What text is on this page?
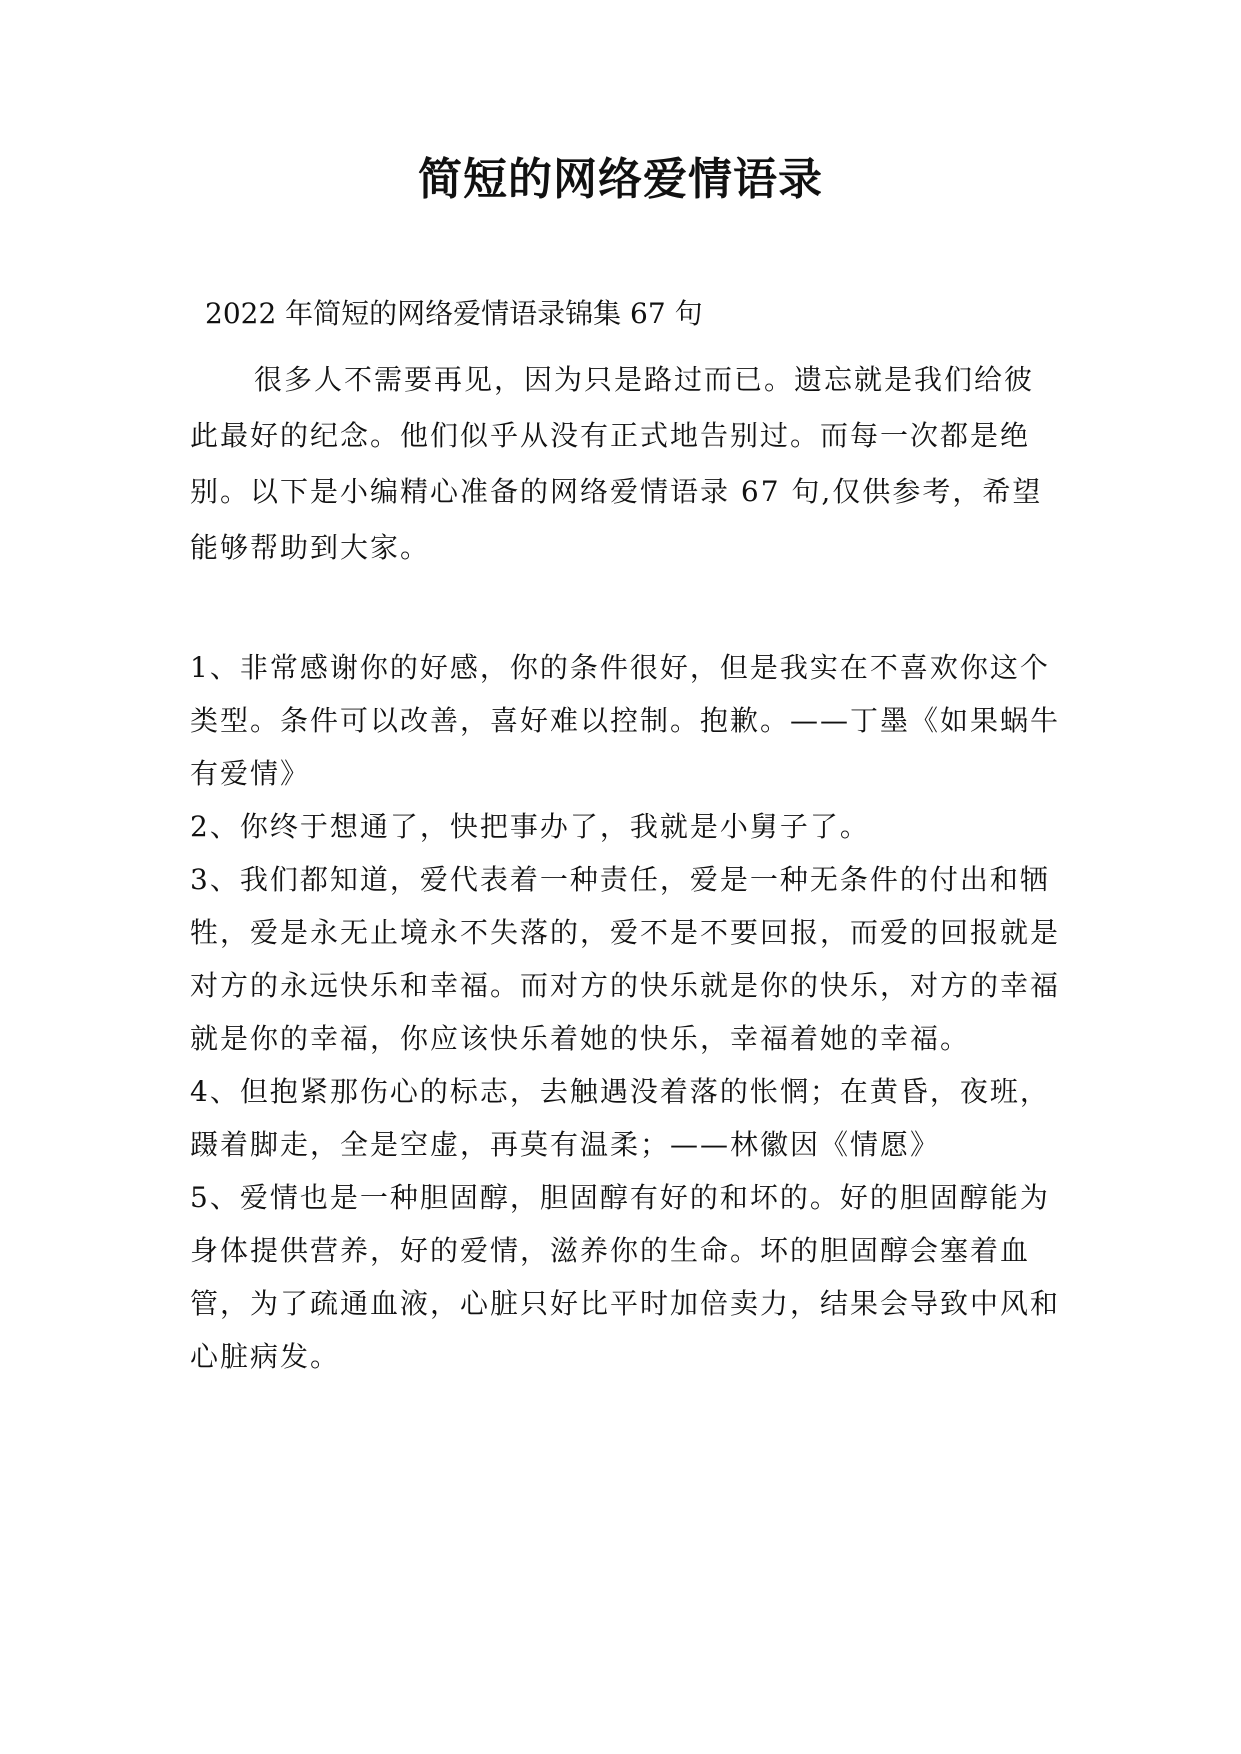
简短的网络爱情语录
2022 年简短的网络爱情语录锦集 67 句

很多人不需要再见，因为只是路过而已。遗忘就是我们给彼此最好的纪念。他们似乎从没有正式地告别过。而每一次都是绝别。以下是小编精心准备的网络爱情语录 67 句,仅供参考，希望能够帮助到大家。

1、非常感谢你的好感，你的条件很好，但是我实在不喜欢你这个类型。条件可以改善，喜好难以控制。抱歉。——丁墨《如果蜗牛有爱情》

2、你终于想通了，快把事办了，我就是小舅子了。

3、我们都知道，爱代表着一种责任，爱是一种无条件的付出和牺牲，爱是永无止境永不失落的，爱不是不要回报，而爱的回报就是对方的永远快乐和幸福。而对方的快乐就是你的快乐，对方的幸福就是你的幸福，你应该快乐着她的快乐，幸福着她的幸福。

4、但抱紧那伤心的标志，去触遇没着落的怅惘；在黄昏，夜班，蹑着脚走，全是空虚，再莫有温柔；——林徽因《情愿》

5、爱情也是一种胆固醇，胆固醇有好的和坏的。好的胆固醇能为身体提供营养，好的爱情，滋养你的生命。坏的胆固醇会塞着血管，为了疏通血液，心脏只好比平时加倍卖力，结果会导致中风和心脏病发。
